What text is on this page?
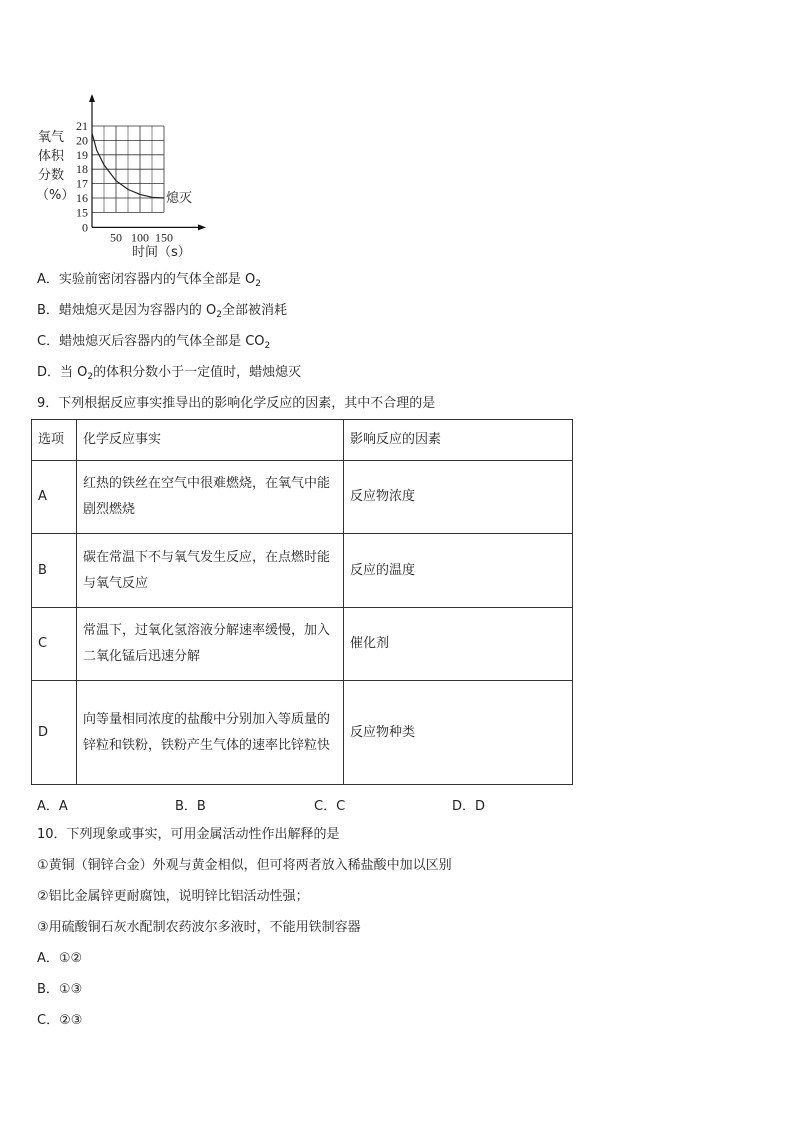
氧气
体积
分数
（%）
21
20
19
18
17
16
15
0
50 100 150
熄灭
时间（s）
A．实验前密闭容器内的气体全部是 $O_2$
B．蜡烛熄灭是因为容器内的 $O_2$全部被消耗
C．蜡烛熄灭后容器内的气体全部是 $CO_2$
D．当 $O_2$的体积分数小于一定值时，蜡烛熄灭
9．下列根据反应事实推导出的影响化学反应的因素，其中不合理的是
选项	化学反应事实	影响反应的因素
A	红热的铁丝在空气中很难燃烧，在氧气中能剧烈燃烧	反应物浓度
B	碳在常温下不与氧气发生反应，在点燃时能与氧气反应	反应的温度
C	常温下，过氧化氢溶液分解速率缓慢，加入二氧化锰后迅速分解	催化剂
D	向等量相同浓度的盐酸中分别加入等质量的锌粒和铁粉，铁粉产生气体的速率比锌粒快	反应物种类
A．A	B．B	C．C	D．D
10．下列现象或事实，可用金属活动性作出解释的是
①黄铜（铜锌合金）外观与黄金相似，但可将两者放入稀盐酸中加以区别
②铝比金属锌更耐腐蚀，说明锌比铝活动性强；
③用硫酸铜石灰水配制农药波尔多液时，不能用铁制容器
A．①②
B．①③
C．②③
